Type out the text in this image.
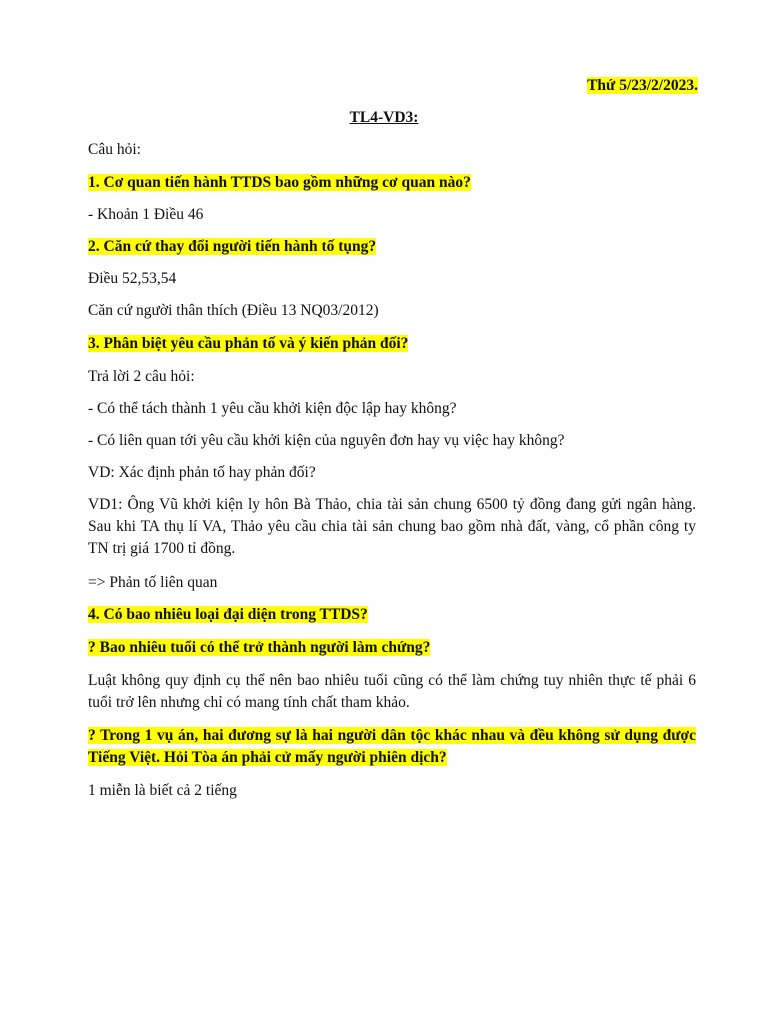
Thứ 5/23/2/2023.
TL4-VD3:

Câu hỏi:

1. Cơ quan tiến hành TTDS bao gồm những cơ quan nào?

- Khoản 1 Điều 46

2. Căn cứ thay đổi người tiến hành tố tụng?

Điều 52,53,54

Căn cứ người thân thích (Điều 13 NQ03/2012)

3. Phân biệt yêu cầu phản tố và ý kiến phản đối?

Trả lời 2 câu hỏi:

- Có thể tách thành 1 yêu cầu khởi kiện độc lập hay không?

- Có liên quan tới yêu cầu khởi kiện của nguyên đơn hay vụ việc hay không?

VD: Xác định phản tố hay phản đối?

VD1: Ông Vũ khởi kiện ly hôn Bà Thảo, chia tài sản chung 6500 tỷ đồng đang gửi ngân hàng. Sau khi TA thụ lí VA, Thảo yêu cầu chia tài sản chung bao gồm nhà đất, vàng, cổ phần công ty TN trị giá 1700 tỉ đồng.

=> Phản tố liên quan

4. Có bao nhiêu loại đại diện trong TTDS?

? Bao nhiêu tuổi có thể trở thành người làm chứng?

Luật không quy định cụ thể nên bao nhiêu tuổi cũng có thể làm chứng tuy nhiên thực tế phải 6 tuổi trở lên nhưng chỉ có mang tính chất tham khảo.

? Trong 1 vụ án, hai đương sự là hai người dân tộc khác nhau và đều không sử dụng được Tiếng Việt. Hỏi Tòa án phải cử mấy người phiên dịch?

1 miễn là biết cả 2 tiếng
